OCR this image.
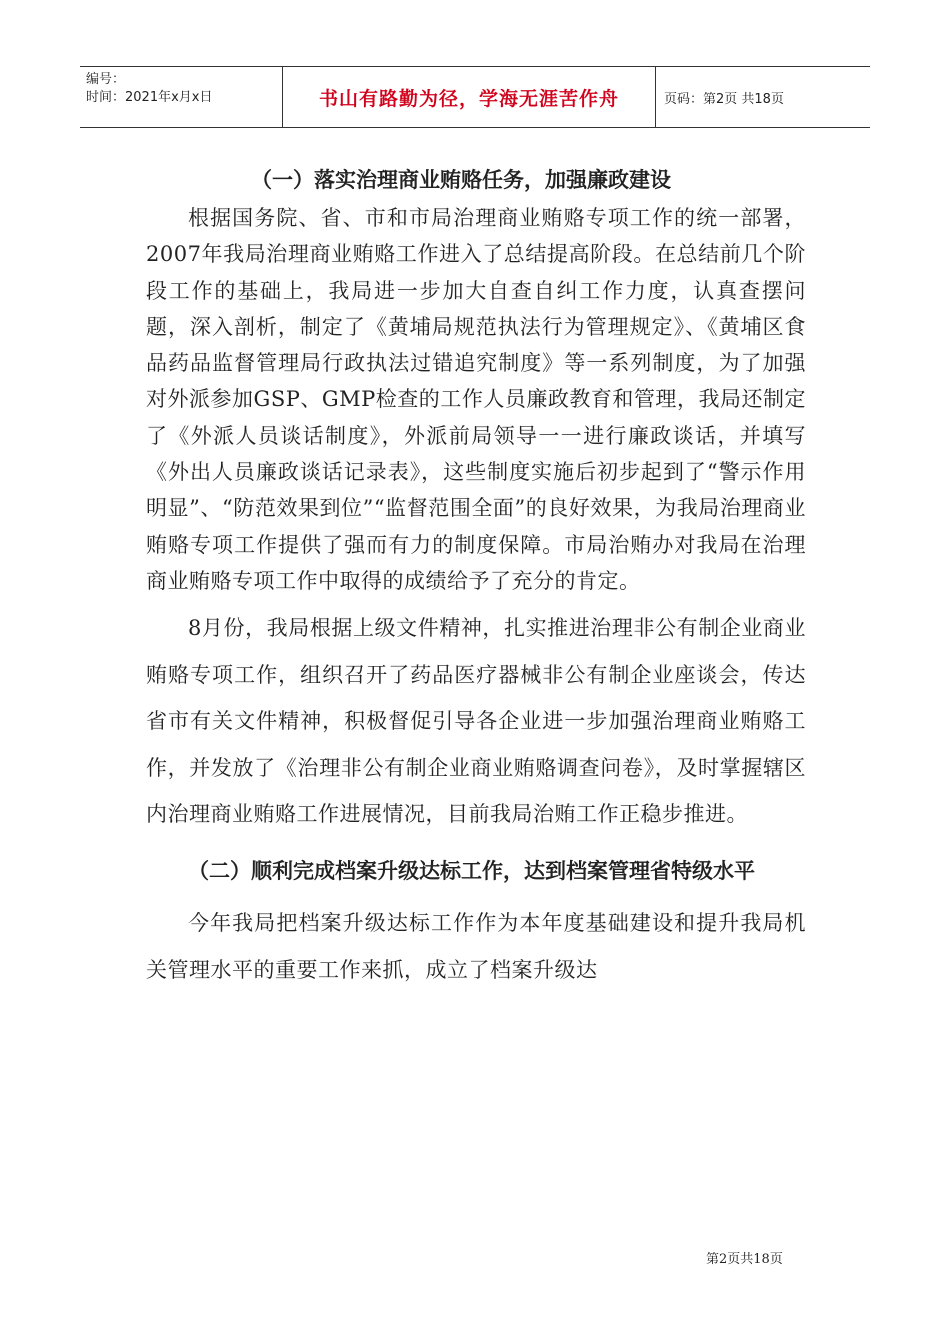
编号：
时间：2021年x月x日	书山有路勤为径，学海无涯苦作舟	页码：第2页 共18页

（一）落实治理商业贿赂任务，加强廉政建设

根据国务院、省、市和市局治理商业贿赂专项工作的统一部署，2007年我局治理商业贿赂工作进入了总结提高阶段。在总结前几个阶段工作的基础上，我局进一步加大自查自纠工作力度，认真查摆问题，深入剖析，制定了《黄埔局规范执法行为管理规定》、《黄埔区食品药品监督管理局行政执法过错追究制度》等一系列制度，为了加强对外派参加GSP、GMP检查的工作人员廉政教育和管理，我局还制定了《外派人员谈话制度》，外派前局领导一一进行廉政谈话，并填写《外出人员廉政谈话记录表》，这些制度实施后初步起到了“警示作用明显”、“防范效果到位”“监督范围全面”的良好效果，为我局治理商业贿赂专项工作提供了强而有力的制度保障。市局治贿办对我局在治理商业贿赂专项工作中取得的成绩给予了充分的肯定。

8月份，我局根据上级文件精神，扎实推进治理非公有制企业商业贿赂专项工作，组织召开了药品医疗器械非公有制企业座谈会，传达省市有关文件精神，积极督促引导各企业进一步加强治理商业贿赂工作，并发放了《治理非公有制企业商业贿赂调查问卷》，及时掌握辖区内治理商业贿赂工作进展情况，目前我局治贿工作正稳步推进。

（二）顺利完成档案升级达标工作，达到档案管理省特级水平

今年我局把档案升级达标工作作为本年度基础建设和提升我局机关管理水平的重要工作来抓，成立了档案升级达

第2页共18页
